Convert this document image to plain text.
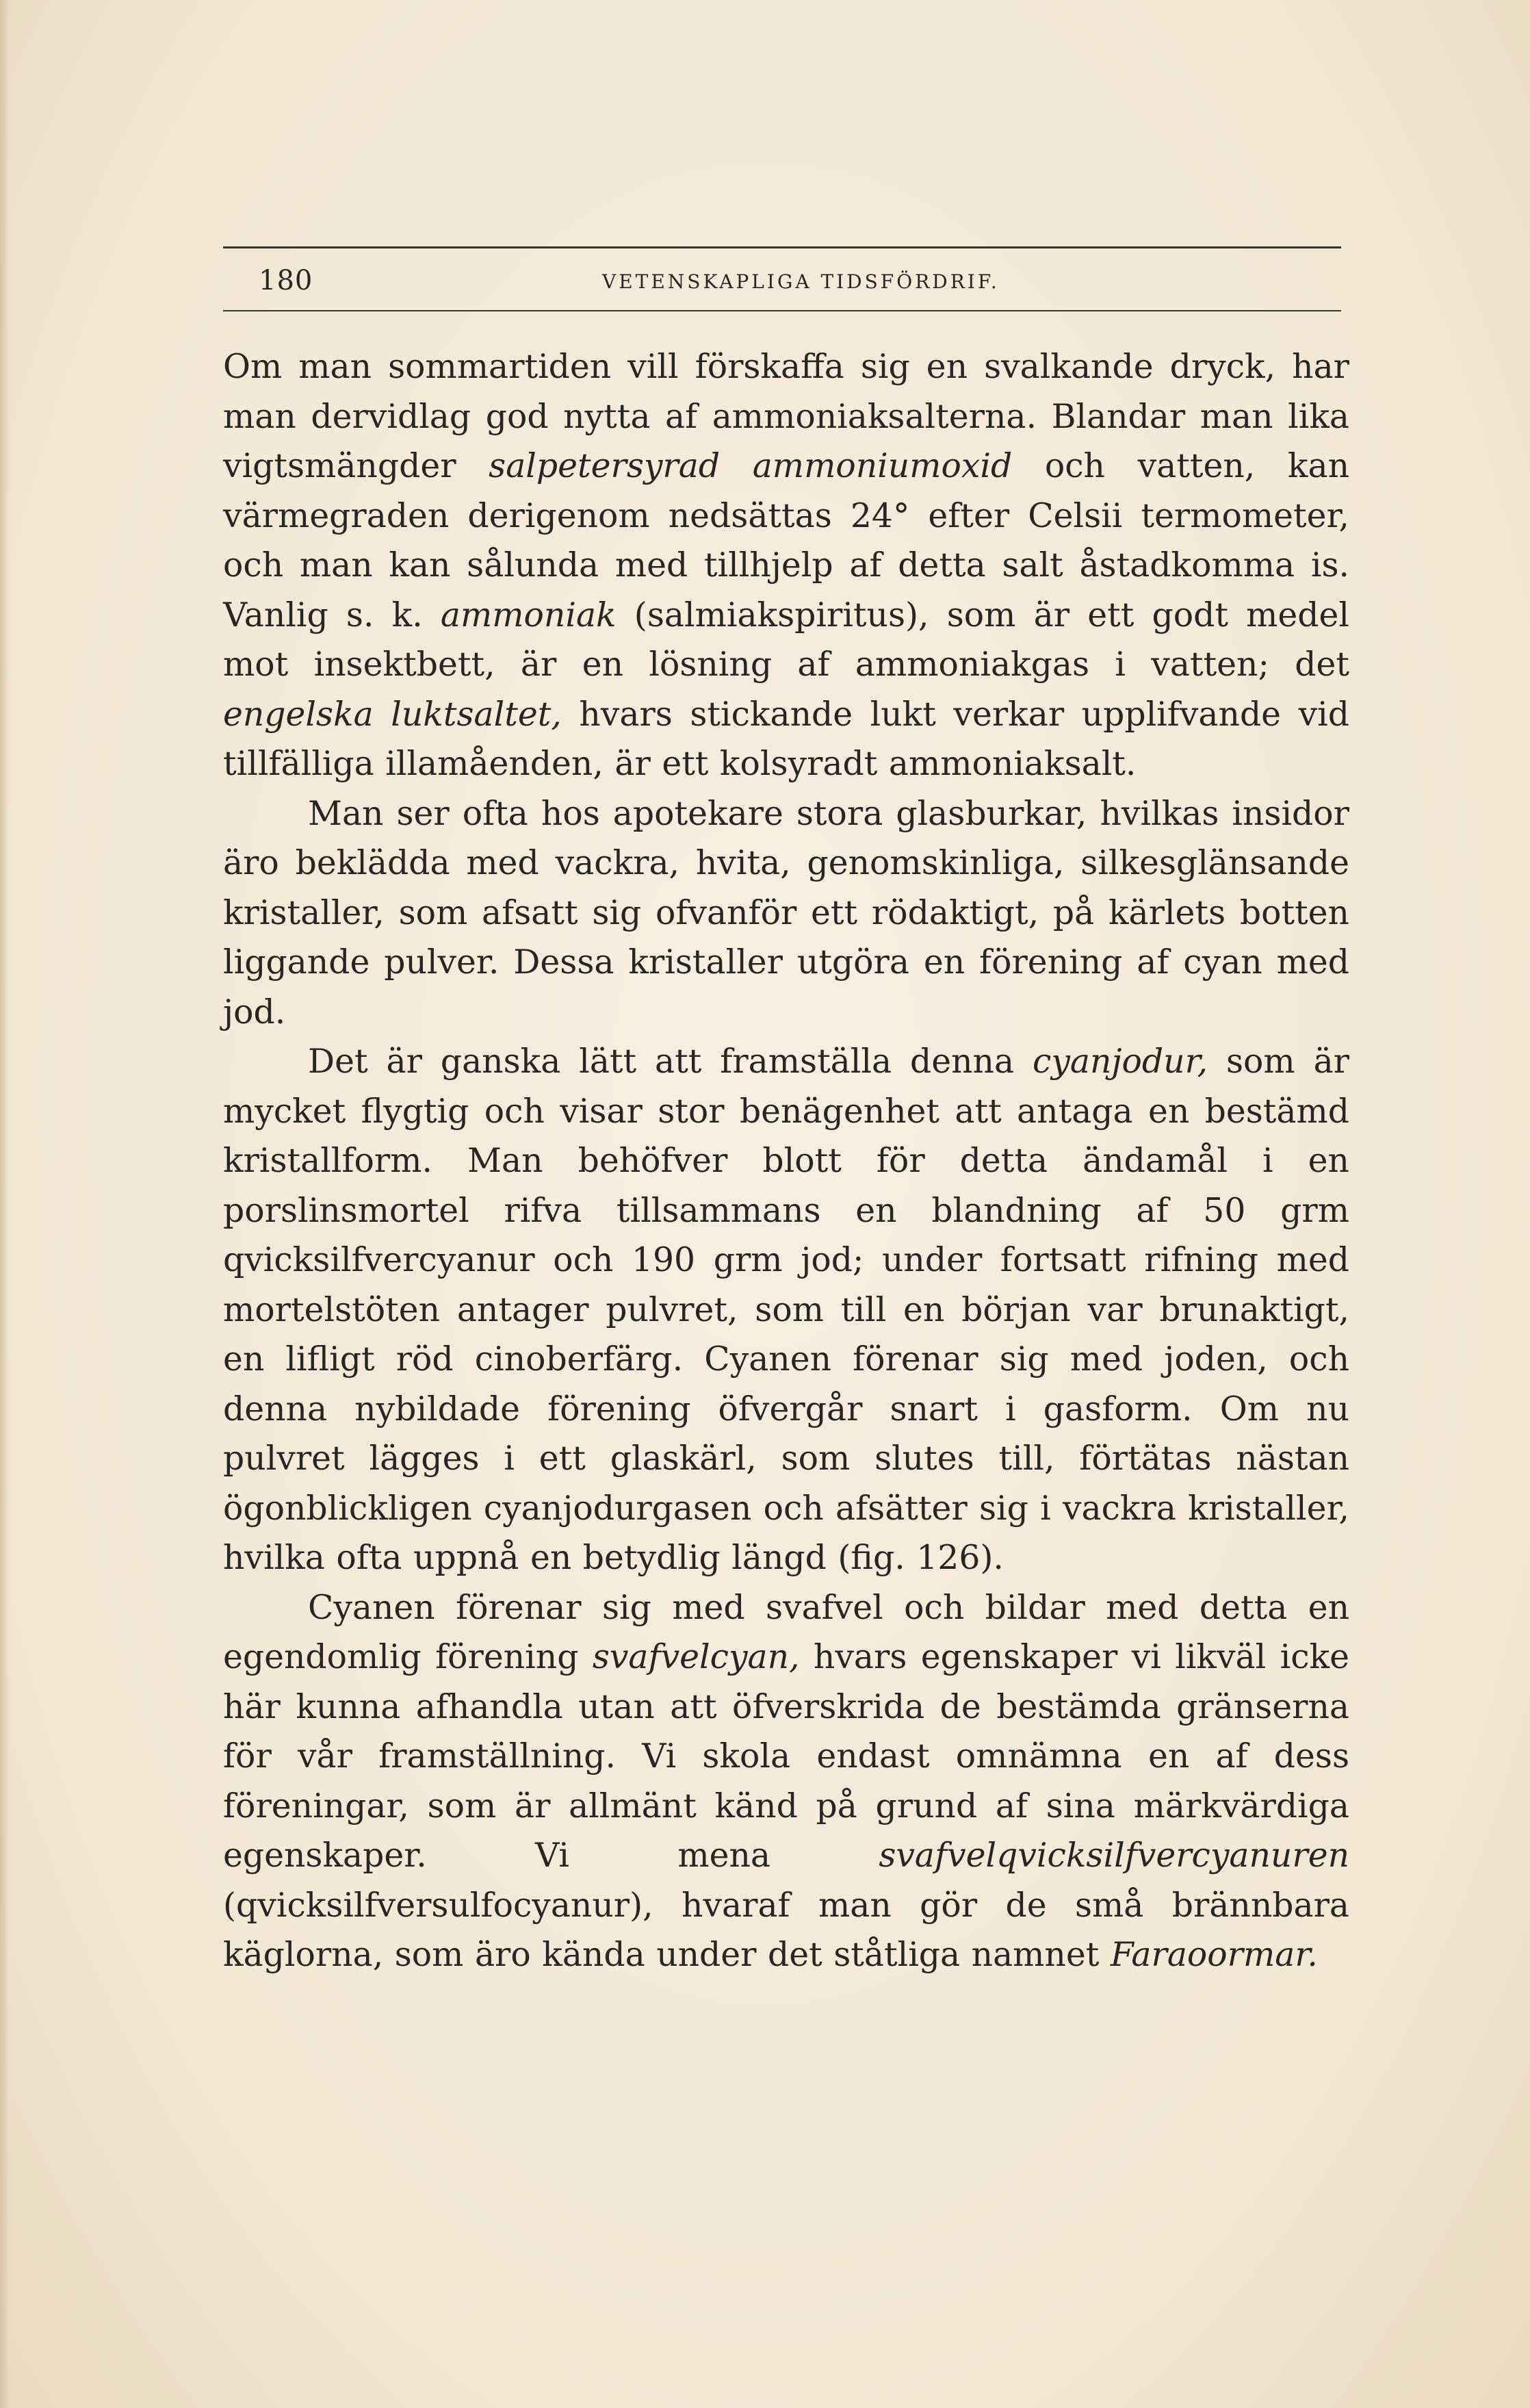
180	VETENSKAPLIGA TIDSFÖRDRIF.

Om man sommartiden vill förskaffa sig en svalkande dryck, har man dervidlag god nytta af ammoniaksalterna. Blandar man lika vigtsmängder salpetersyrad ammoniumoxid och vatten, kan värmegraden derigenom nedsättas 24° efter Celsii termometer, och man kan sålunda med tillhjelp af detta salt åstadkomma is. Vanlig s. k. ammoniak (salmiakspiritus), som är ett godt medel mot insektbett, är en lösning af ammoniakgas i vatten; det engelska luktsaltet, hvars stickande lukt verkar upplifvande vid tillfälliga illamåenden, är ett kolsyradt ammoniaksalt.

Man ser ofta hos apotekare stora glasburkar, hvilkas insidor äro beklädda med vackra, hvita, genomskinliga, silkesglänsande kristaller, som afsatt sig ofvanför ett rödaktigt, på kärlets botten liggande pulver. Dessa kristaller utgöra en förening af cyan med jod.

Det är ganska lätt att framställa denna cyanjodur, som är mycket flygtig och visar stor benägenhet att antaga en bestämd kristallform. Man behöfver blott för detta ändamål i en porslinsmortel rifva tillsammans en blandning af 50 grm qvicksilfvercyanur och 190 grm jod; under fortsatt rifning med mortelstöten antager pulvret, som till en början var brunaktigt, en lifligt röd cinoberfärg. Cyanen förenar sig med joden, och denna nybildade förening öfvergår snart i gasform. Om nu pulvret lägges i ett glaskärl, som slutes till, förtätas nästan ögonblickligen cyanjodurgasen och afsätter sig i vackra kristaller, hvilka ofta uppnå en betydlig längd (fig. 126).

Cyanen förenar sig med svafvel och bildar med detta en egendomlig förening svafvelcyan, hvars egenskaper vi likväl icke här kunna afhandla utan att öfverskrida de bestämda gränserna för vår framställning. Vi skola endast omnämna en af dess föreningar, som är allmänt känd på grund af sina märkvärdiga egenskaper. Vi mena svafvelqvicksilfvercyanuren (qvicksilfversulfocyanur), hvaraf man gör de små brännbara käglorna, som äro kända under det ståtliga namnet Faraoormar.
